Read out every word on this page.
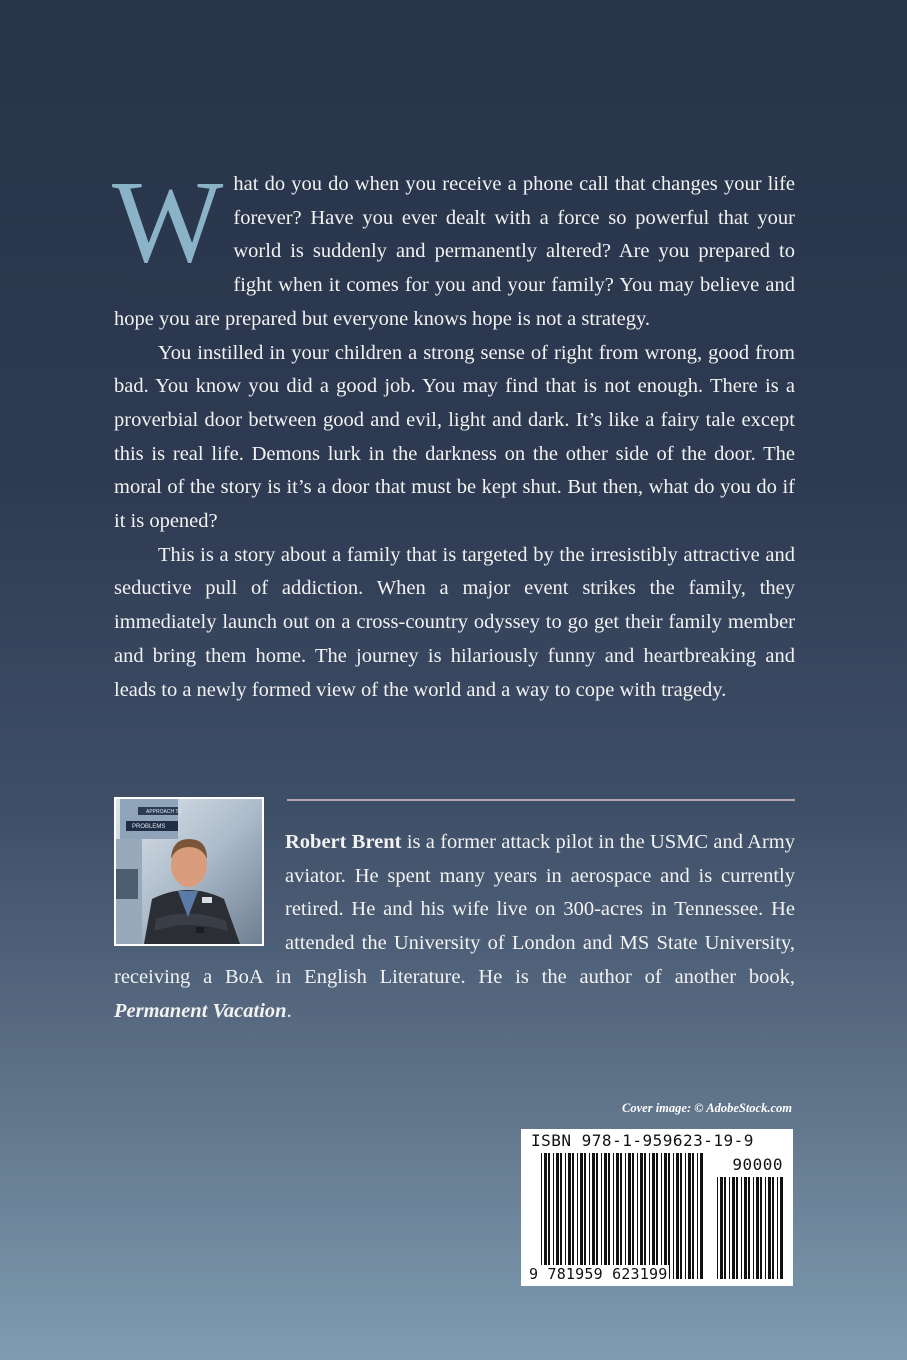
What do you do when you receive a phone call that changes your life forever? Have you ever dealt with a force so powerful that your world is suddenly and permanently altered? Are you prepared to fight when it comes for you and your family? You may believe and hope you are prepared but everyone knows hope is not a strategy.

You instilled in your children a strong sense of right from wrong, good from bad. You know you did a good job. You may find that is not enough. There is a proverbial door between good and evil, light and dark. It’s like a fairy tale except this is real life. Demons lurk in the darkness on the other side of the door. The moral of the story is it’s a door that must be kept shut. But then, what do you do if it is opened?

This is a story about a family that is targeted by the irresistibly attractive and seductive pull of addiction. When a major event strikes the family, they immediately launch out on a cross-country odyssey to go get their family member and bring them home. The journey is hilariously funny and heartbreaking and leads to a newly formed view of the world and a way to cope with tragedy.

APPROACH TO
PROBLEMS

Robert Brent is a former attack pilot in the USMC and Army aviator. He spent many years in aerospace and is currently retired. He and his wife live on 300-acres in Tennessee. He attended the University of London and MS State University, receiving a BoA in English Literature. He is the author of another book, Permanent Vacation.

Cover image: © AdobeStock.com
ISBN 978-1-959623-19-9
90000
9 781959 623199
